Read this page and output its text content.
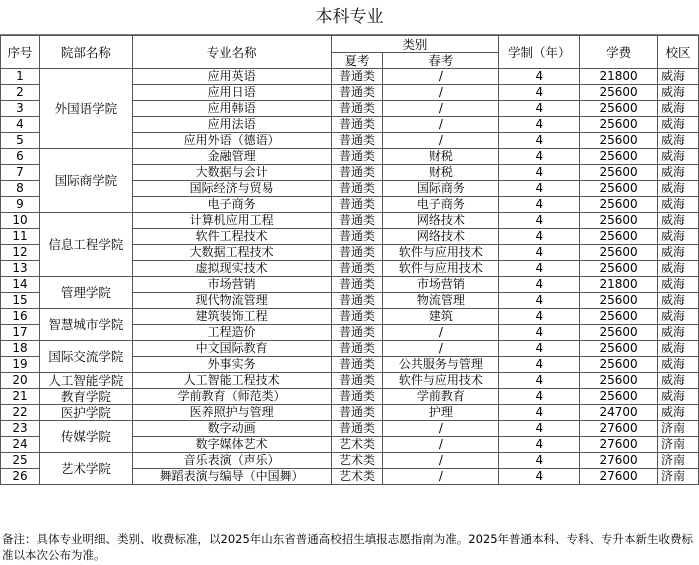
本科专业
序号	院部名称	专业名称	类别		学制（年）	学费	校区
			夏考	春考			
1	外国语学院	应用英语	普通类	/	4	21800	威海
2		应用日语	普通类	/	4	25600	威海
3		应用韩语	普通类	/	4	25600	威海
4		应用法语	普通类	/	4	25600	威海
5		应用外语（德语）	普通类	/	4	25600	威海
6	国际商学院	金融管理	普通类	财税	4	25600	威海
7		大数据与会计	普通类	财税	4	25600	威海
8		国际经济与贸易	普通类	国际商务	4	25600	威海
9		电子商务	普通类	电子商务	4	25600	威海
10	信息工程学院	计算机应用工程	普通类	网络技术	4	25600	威海
11		软件工程技术	普通类	网络技术	4	25600	威海
12		大数据工程技术	普通类	软件与应用技术	4	25600	威海
13		虚拟现实技术	普通类	软件与应用技术	4	25600	威海
14	管理学院	市场营销	普通类	市场营销	4	21800	威海
15		现代物流管理	普通类	物流管理	4	25600	威海
16	智慧城市学院	建筑装饰工程	普通类	建筑	4	25600	威海
17		工程造价	普通类	/	4	25600	威海
18	国际交流学院	中文国际教育	普通类	/	4	25600	威海
19		外事实务	普通类	公共服务与管理	4	25600	威海
20	人工智能学院	人工智能工程技术	普通类	软件与应用技术	4	25600	威海
21	教育学院	学前教育（师范类）	普通类	学前教育	4	25600	威海
22	医护学院	医养照护与管理	普通类	护理	4	24700	威海
23	传媒学院	数字动画	普通类	/	4	27600	济南
24		数字媒体艺术	艺术类	/	4	27600	济南
25	艺术学院	音乐表演（声乐）	艺术类	/	4	27600	济南
26		舞蹈表演与编导（中国舞）	艺术类	/	4	27600	济南
备注：具体专业明细、类别、收费标准，以2025年山东省普通高校招生填报志愿指南为准。2025年普通本科、专科、专升本新生收费标准以本次公布为准。
